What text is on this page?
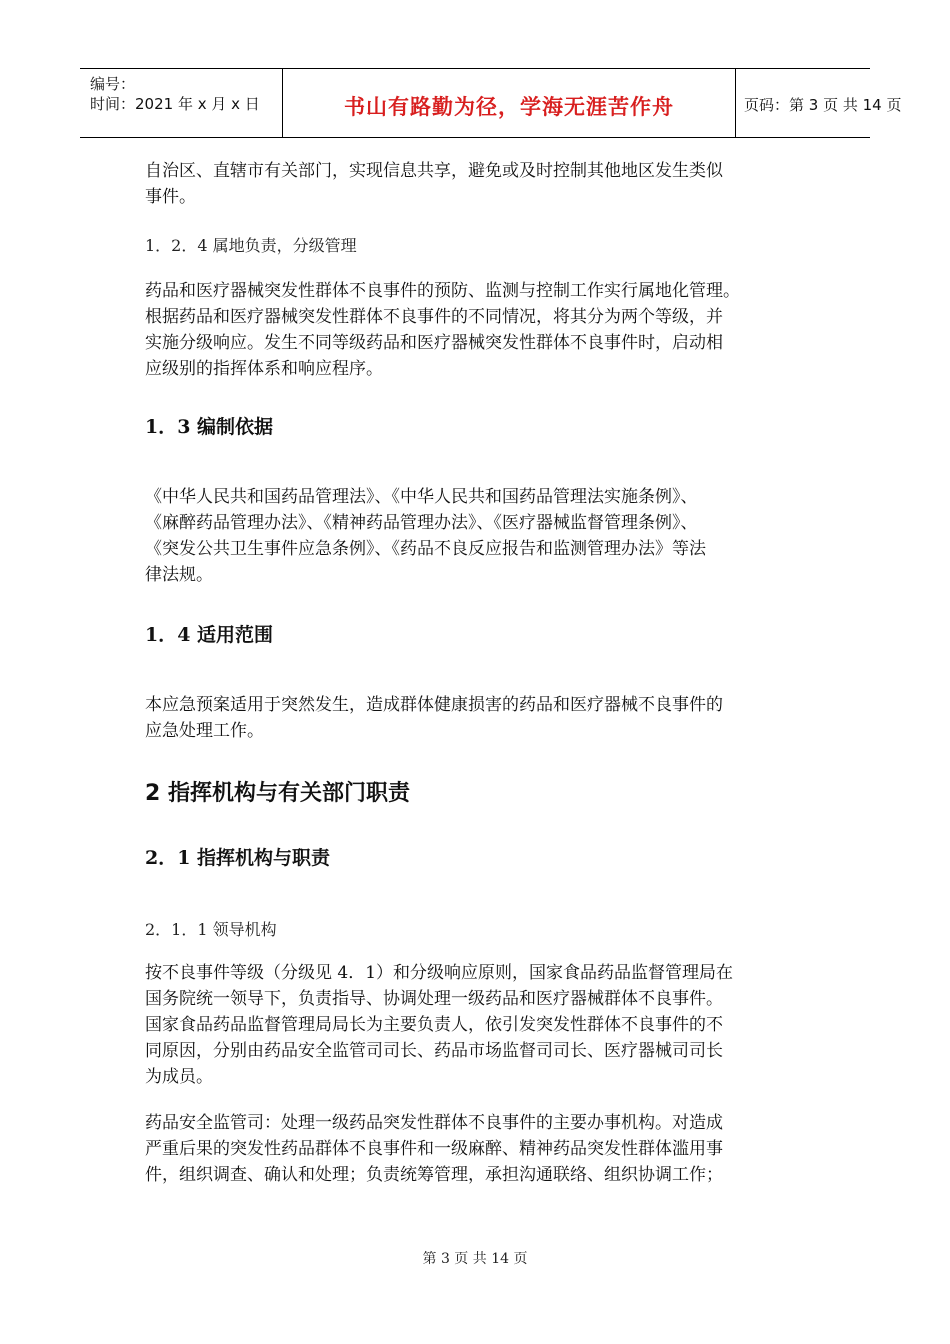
编号：
时间：2021 年 x 月 x 日	书山有路勤为径，学海无涯苦作舟	页码：第 3 页 共 14 页
自治区、直辖市有关部门，实现信息共享，避免或及时控制其他地区发生类似
事件。
1．2．4 属地负责，分级管理
药品和医疗器械突发性群体不良事件的预防、监测与控制工作实行属地化管理。
根据药品和医疗器械突发性群体不良事件的不同情况，将其分为两个等级，并
实施分级响应。发生不同等级药品和医疗器械突发性群体不良事件时，启动相
应级别的指挥体系和响应程序。
1．3 编制依据
《中华人民共和国药品管理法》、《中华人民共和国药品管理法实施条例》、
《麻醉药品管理办法》、《精神药品管理办法》、《医疗器械监督管理条例》、
《突发公共卫生事件应急条例》、《药品不良反应报告和监测管理办法》等法
律法规。
1．4 适用范围
本应急预案适用于突然发生，造成群体健康损害的药品和医疗器械不良事件的
应急处理工作。
2 指挥机构与有关部门职责
2．1 指挥机构与职责
2．1．1 领导机构
按不良事件等级（分级见 4．1）和分级响应原则，国家食品药品监督管理局在
国务院统一领导下，负责指导、协调处理一级药品和医疗器械群体不良事件。
国家食品药品监督管理局局长为主要负责人，依引发突发性群体不良事件的不
同原因，分别由药品安全监管司司长、药品市场监督司司长、医疗器械司司长
为成员。
药品安全监管司：处理一级药品突发性群体不良事件的主要办事机构。对造成
严重后果的突发性药品群体不良事件和一级麻醉、精神药品突发性群体滥用事
件，组织调查、确认和处理；负责统筹管理，承担沟通联络、组织协调工作；
第 3 页 共 14 页
